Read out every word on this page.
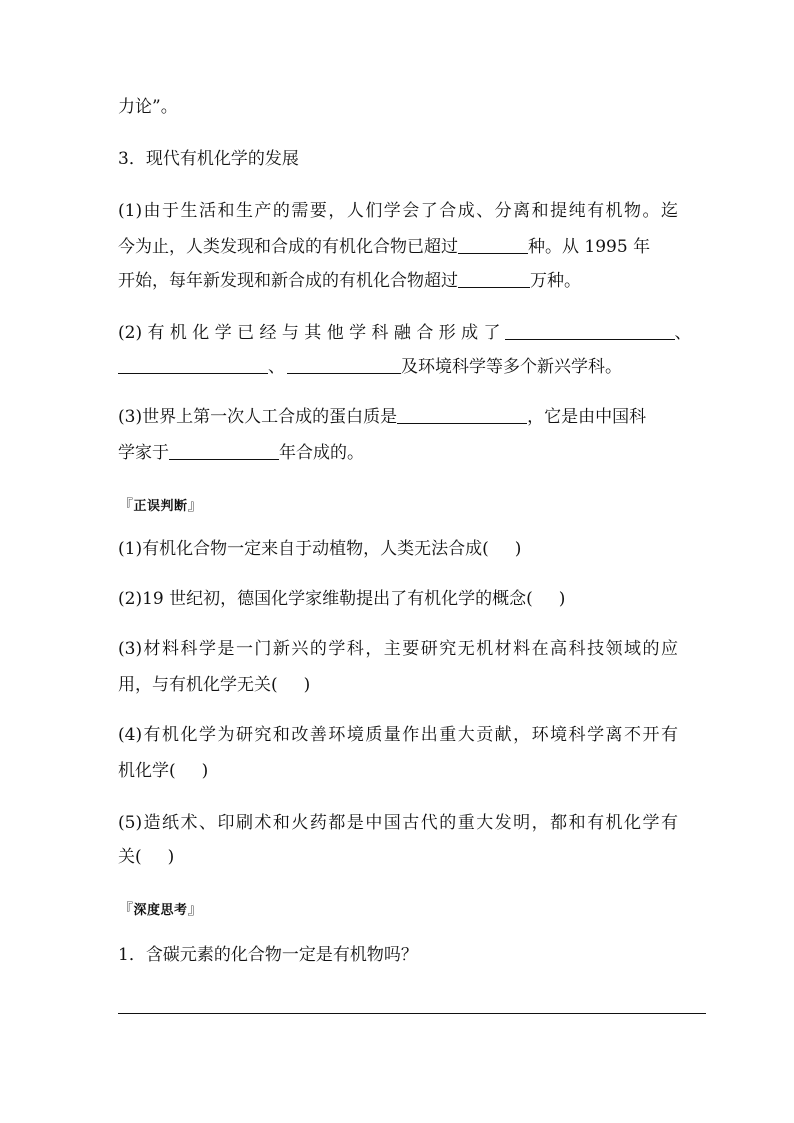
力论”。
3．现代有机化学的发展
(1)由于生活和生产的需要，人们学会了合成、分离和提纯有机物。迄
今为止，人类发现和合成的有机化合物已超过	种。从 1995 年
开始，每年新发现和新合成的有机化合物超过	万种。
(2) 有 机 化 学 已 经 与 其 他 学 科 融 合 形 成 了	、
、	及环境科学等多个新兴学科。
(3)世界上第一次人工合成的蛋白质是	，它是由中国科
学家于	年合成的。
『正误判断』
(1)有机化合物一定来自于动植物，人类无法合成( )
(2)19 世纪初，德国化学家维勒提出了有机化学的概念( )
(3)材料科学是一门新兴的学科，主要研究无机材料在高科技领域的应
用，与有机化学无关( )
(4)有机化学为研究和改善环境质量作出重大贡献，环境科学离不开有
机化学( )
(5)造纸术、印刷术和火药都是中国古代的重大发明，都和有机化学有
关( )
『深度思考』
1．含碳元素的化合物一定是有机物吗？
